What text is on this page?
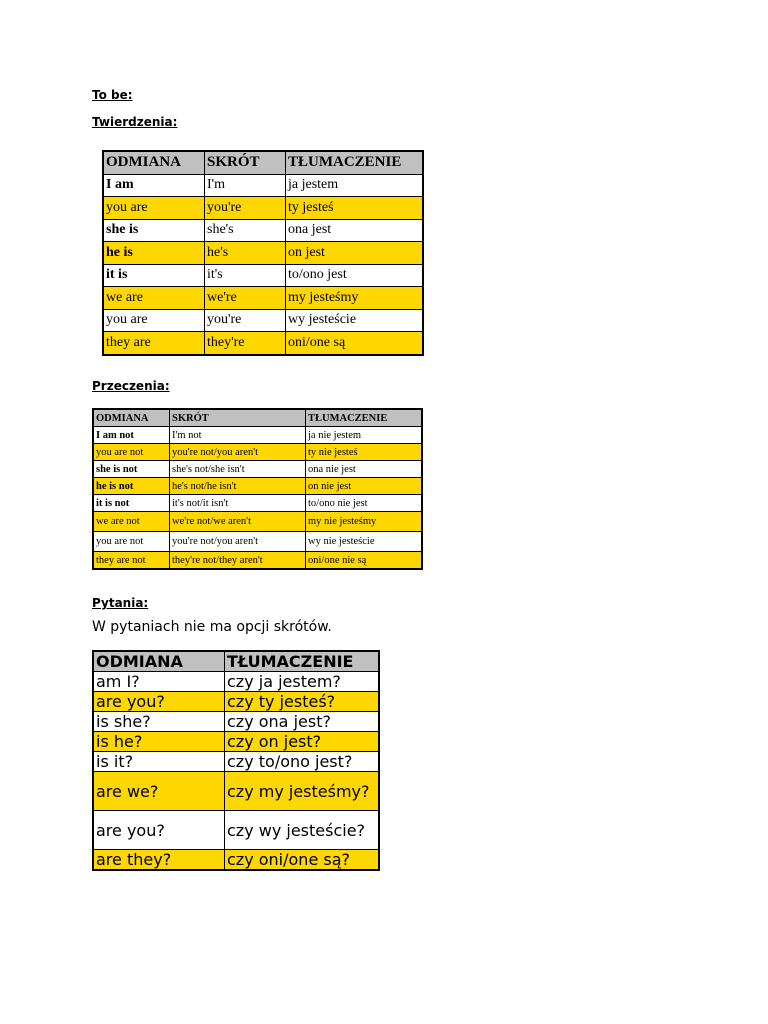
To be:
Twierdzenia:
ODMIANA	SKRÓT	TŁUMACZENIE
I am	I'm	ja jestem
you are	you're	ty jesteś
she is	she's	ona jest
he is	he's	on jest
it is	it's	to/ono jest
we are	we're	my jesteśmy
you are	you're	wy jesteście
they are	they're	oni/one są
Przeczenia:
ODMIANA	SKRÓT	TŁUMACZENIE
I am not	I'm not	ja nie jestem
you are not	you're not/you aren't	ty nie jesteś
she is not	she's not/she isn't	ona nie jest
he is not	he's not/he isn't	on nie jest
it is not	it's not/it isn't	to/ono nie jest
we are not	we're not/we aren't	my nie jesteśmy
you are not	you're not/you aren't	wy nie jesteście
they are not	they're not/they aren't	oni/one nie są
Pytania:
W pytaniach nie ma opcji skrótów.
ODMIANA	TŁUMACZENIE
am I?	czy ja jestem?
are you?	czy ty jesteś?
is she?	czy ona jest?
is he?	czy on jest?
is it?	czy to/ono jest?
are we?	czy my jesteśmy?
are you?	czy wy jesteście?
are they?	czy oni/one są?
